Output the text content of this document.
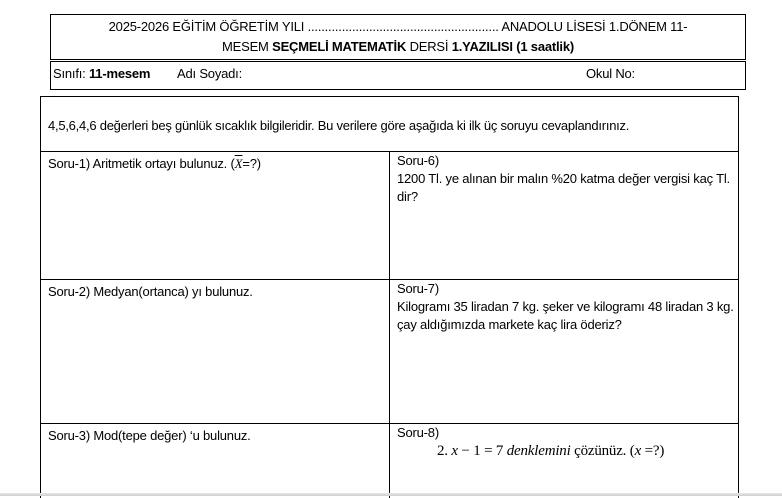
2025-2026 EĞİTİM ÖĞRETİM YILI ........................................................ ANADOLU LİSESİ 1.DÖNEM 11-
MESEM SEÇMELİ MATEMATİK DERSİ 1.YAZILISI (1 saatlik)
Sınıfı: 11-mesem Adı Soyadı:	Okul No:
4,5,6,4,6 değerleri beş günlük sıcaklık bilgileridir. Bu verilere göre aşağıda ki ilk üç soruyu cevaplandırınız.
Soru-1) Aritmetik ortayı bulunuz. $(\overline{X}=?)$	Soru-6)
1200 Tl. ye alınan bir malın %20 katma değer vergisi kaç Tl. dir?
Soru-2) Medyan(ortanca) yı bulunuz.	Soru-7)
Kilogramı 35 liradan 7 kg. şeker ve kilogramı 48 liradan 3 kg. çay aldığımızda markete kaç lira öderiz?
Soru-3) Mod(tepe değer) ‘u bulunuz.	Soru-8)
2. x − 1 = 7 denklemini çözünüz. (x =?)
